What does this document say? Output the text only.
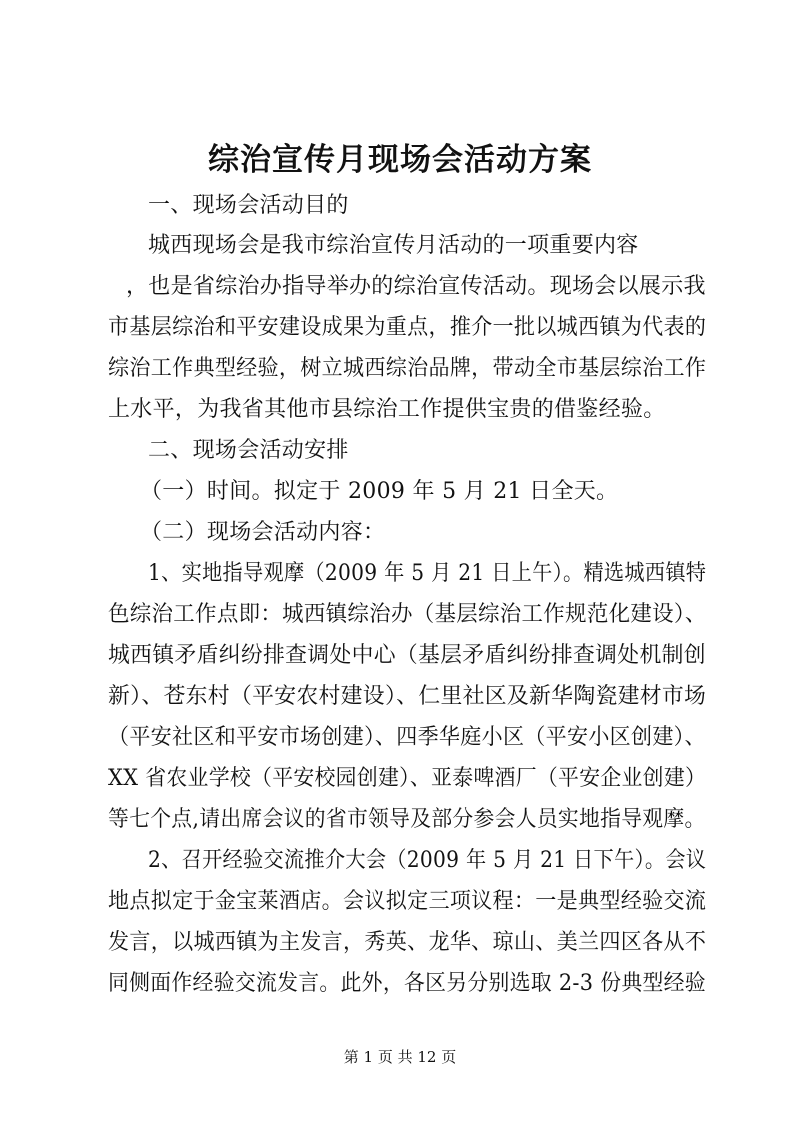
综治宣传月现场会活动方案
一、现场会活动目的
城西现场会是我市综治宣传月活动的一项重要内容
，也是省综治办指导举办的综治宣传活动。现场会以展示我
市基层综治和平安建设成果为重点，推介一批以城西镇为代表的
综治工作典型经验，树立城西综治品牌，带动全市基层综治工作
上水平，为我省其他市县综治工作提供宝贵的借鉴经验。
二、现场会活动安排
（一）时间。拟定于 2009 年 5 月 21 日全天。
（二）现场会活动内容：
1、实地指导观摩（2009 年 5 月 21 日上午）。精选城西镇特
色综治工作点即：城西镇综治办（基层综治工作规范化建设）、
城西镇矛盾纠纷排查调处中心（基层矛盾纠纷排查调处机制创
新）、苍东村（平安农村建设）、仁里社区及新华陶瓷建材市场
（平安社区和平安市场创建）、四季华庭小区（平安小区创建）、
XX 省农业学校（平安校园创建）、亚泰啤酒厂（平安企业创建）
等七个点,请出席会议的省市领导及部分参会人员实地指导观摩。
2、召开经验交流推介大会（2009 年 5 月 21 日下午）。会议
地点拟定于金宝莱酒店。会议拟定三项议程：一是典型经验交流
发言，以城西镇为主发言，秀英、龙华、琼山、美兰四区各从不
同侧面作经验交流发言。此外，各区另分别选取 2-3 份典型经验
第 1 页 共 12 页
